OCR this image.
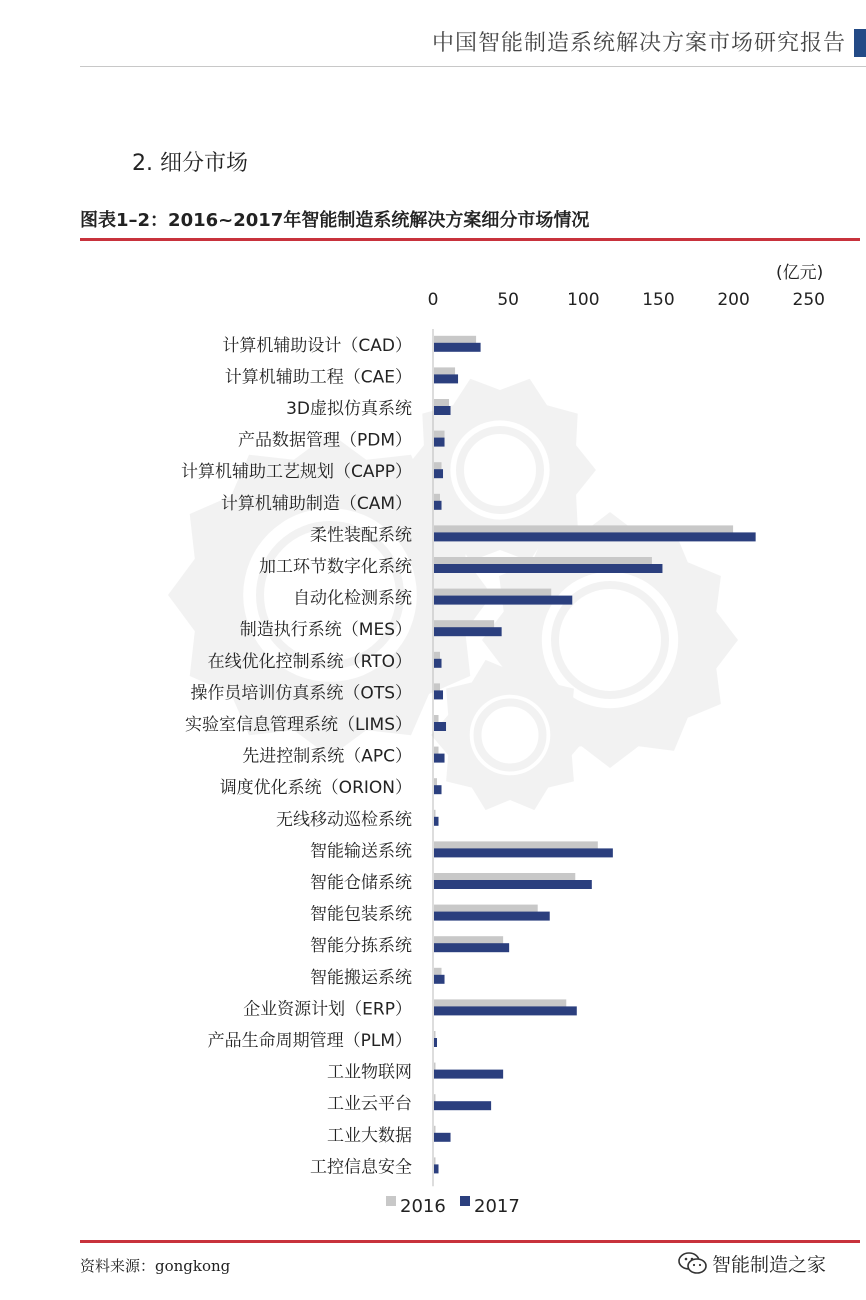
中国智能制造系统解决方案市场研究报告
2. 细分市场
图表1–2：2016~2017年智能制造系统解决方案细分市场情况
(亿元)
0	50	100	150	200	250
计算机辅助设计（CAD）
计算机辅助工程（CAE）
3D虚拟仿真系统
产品数据管理（PDM）
计算机辅助工艺规划（CAPP）
计算机辅助制造（CAM）
柔性装配系统
加工环节数字化系统
自动化检测系统
制造执行系统（MES）
在线优化控制系统（RTO）
操作员培训仿真系统（OTS）
实验室信息管理系统（LIMS）
先进控制系统（APC）
调度优化系统（ORION）
无线移动巡检系统
智能输送系统
智能仓储系统
智能包装系统
智能分拣系统
智能搬运系统
企业资源计划（ERP）
产品生命周期管理（PLM）
工业物联网
工业云平台
工业大数据
工控信息安全
2016 2017
资料来源：gongkong	智能制造之家
